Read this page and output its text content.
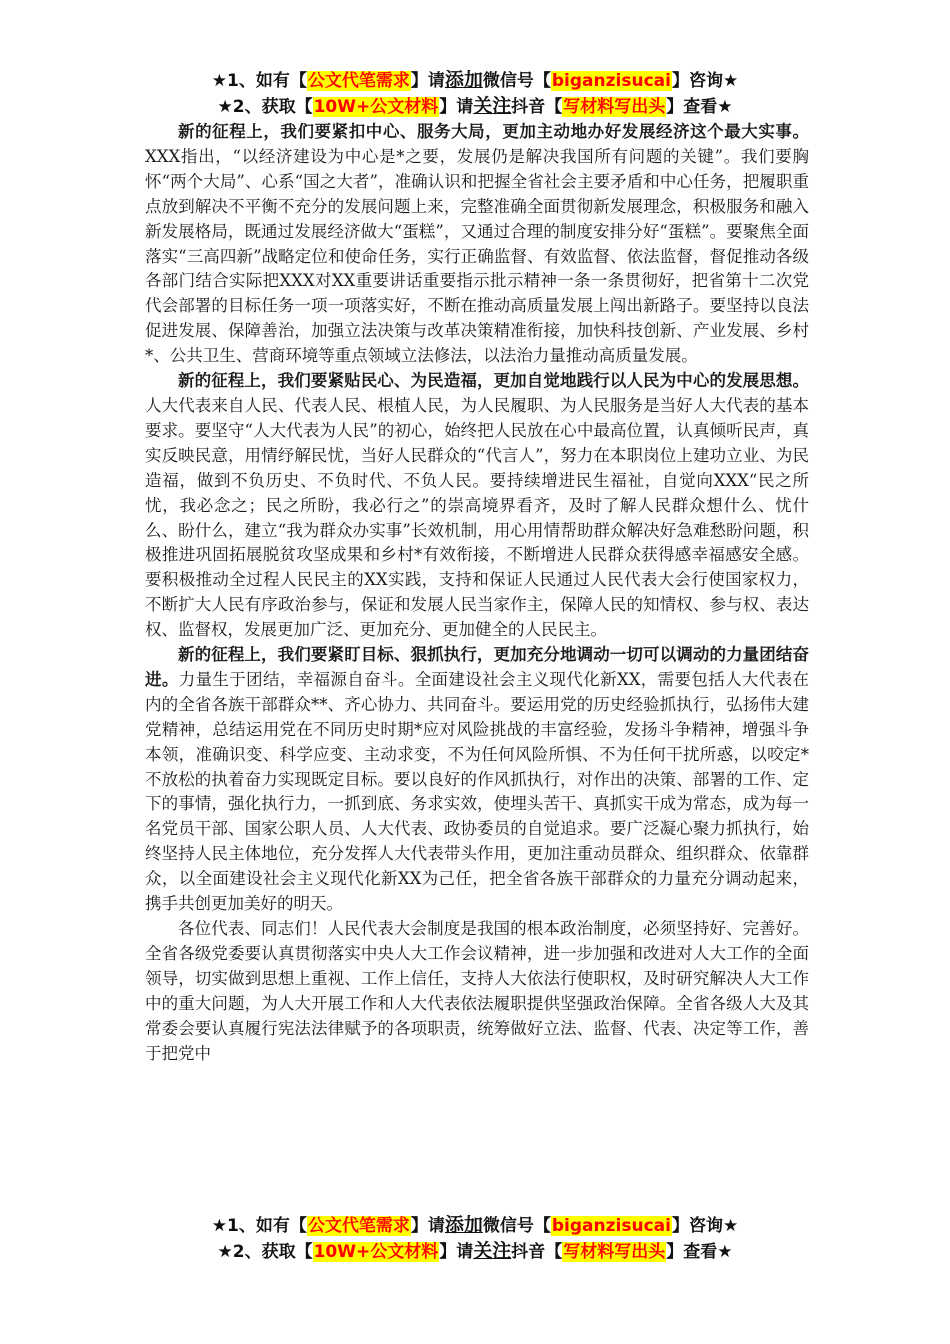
★1、如有【公文代笔需求】请添加微信号【biganzisucai】咨询★
★2、获取【10W+公文材料】请关注抖音【写材料写出头】查看★

新的征程上，我们要紧扣中心、服务大局，更加主动地办好发展经济这个最大实事。XXX指出，“以经济建设为中心是*之要，发展仍是解决我国所有问题的关键”。我们要胸怀“两个大局”、心系“国之大者”，准确认识和把握全省社会主要矛盾和中心任务，把履职重点放到解决不平衡不充分的发展问题上来，完整准确全面贯彻新发展理念，积极服务和融入新发展格局，既通过发展经济做大“蛋糕”，又通过合理的制度安排分好“蛋糕”。要聚焦全面落实“三高四新”战略定位和使命任务，实行正确监督、有效监督、依法监督，督促推动各级各部门结合实际把XXX对XX重要讲话重要指示批示精神一条一条贯彻好，把省第十二次党代会部署的目标任务一项一项落实好，不断在推动高质量发展上闯出新路子。要坚持以良法促进发展、保障善治，加强立法决策与改革决策精准衔接，加快科技创新、产业发展、乡村*、公共卫生、营商环境等重点领域立法修法，以法治力量推动高质量发展。

新的征程上，我们要紧贴民心、为民造福，更加自觉地践行以人民为中心的发展思想。人大代表来自人民、代表人民、根植人民，为人民履职、为人民服务是当好人大代表的基本要求。要坚守“人大代表为人民”的初心，始终把人民放在心中最高位置，认真倾听民声，真实反映民意，用情纾解民忧，当好人民群众的“代言人”，努力在本职岗位上建功立业、为民造福，做到不负历史、不负时代、不负人民。要持续增进民生福祉，自觉向XXX“民之所忧，我必念之；民之所盼，我必行之”的崇高境界看齐，及时了解人民群众想什么、忧什么、盼什么，建立“我为群众办实事”长效机制，用心用情帮助群众解决好急难愁盼问题，积极推进巩固拓展脱贫攻坚成果和乡村*有效衔接，不断增进人民群众获得感幸福感安全感。要积极推动全过程人民民主的XX实践，支持和保证人民通过人民代表大会行使国家权力，不断扩大人民有序政治参与，保证和发展人民当家作主，保障人民的知情权、参与权、表达权、监督权，发展更加广泛、更加充分、更加健全的人民民主。

新的征程上，我们要紧盯目标、狠抓执行，更加充分地调动一切可以调动的力量团结奋进。力量生于团结，幸福源自奋斗。全面建设社会主义现代化新XX，需要包括人大代表在内的全省各族干部群众**、齐心协力、共同奋斗。要运用党的历史经验抓执行，弘扬伟大建党精神，总结运用党在不同历史时期*应对风险挑战的丰富经验，发扬斗争精神，增强斗争本领，准确识变、科学应变、主动求变，不为任何风险所惧、不为任何干扰所惑，以咬定*不放松的执着奋力实现既定目标。要以良好的作风抓执行，对作出的决策、部署的工作、定下的事情，强化执行力，一抓到底、务求实效，使埋头苦干、真抓实干成为常态，成为每一名党员干部、国家公职人员、人大代表、政协委员的自觉追求。要广泛凝心聚力抓执行，始终坚持人民主体地位，充分发挥人大代表带头作用，更加注重动员群众、组织群众、依靠群众，以全面建设社会主义现代化新XX为己任，把全省各族干部群众的力量充分调动起来，携手共创更加美好的明天。

各位代表、同志们！人民代表大会制度是我国的根本政治制度，必须坚持好、完善好。全省各级党委要认真贯彻落实中央人大工作会议精神，进一步加强和改进对人大工作的全面领导，切实做到思想上重视、工作上信任，支持人大依法行使职权，及时研究解决人大工作中的重大问题，为人大开展工作和人大代表依法履职提供坚强政治保障。全省各级人大及其常委会要认真履行宪法法律赋予的各项职责，统筹做好立法、监督、代表、决定等工作，善于把党中

★1、如有【公文代笔需求】请添加微信号【biganzisucai】咨询★
★2、获取【10W+公文材料】请关注抖音【写材料写出头】查看★
